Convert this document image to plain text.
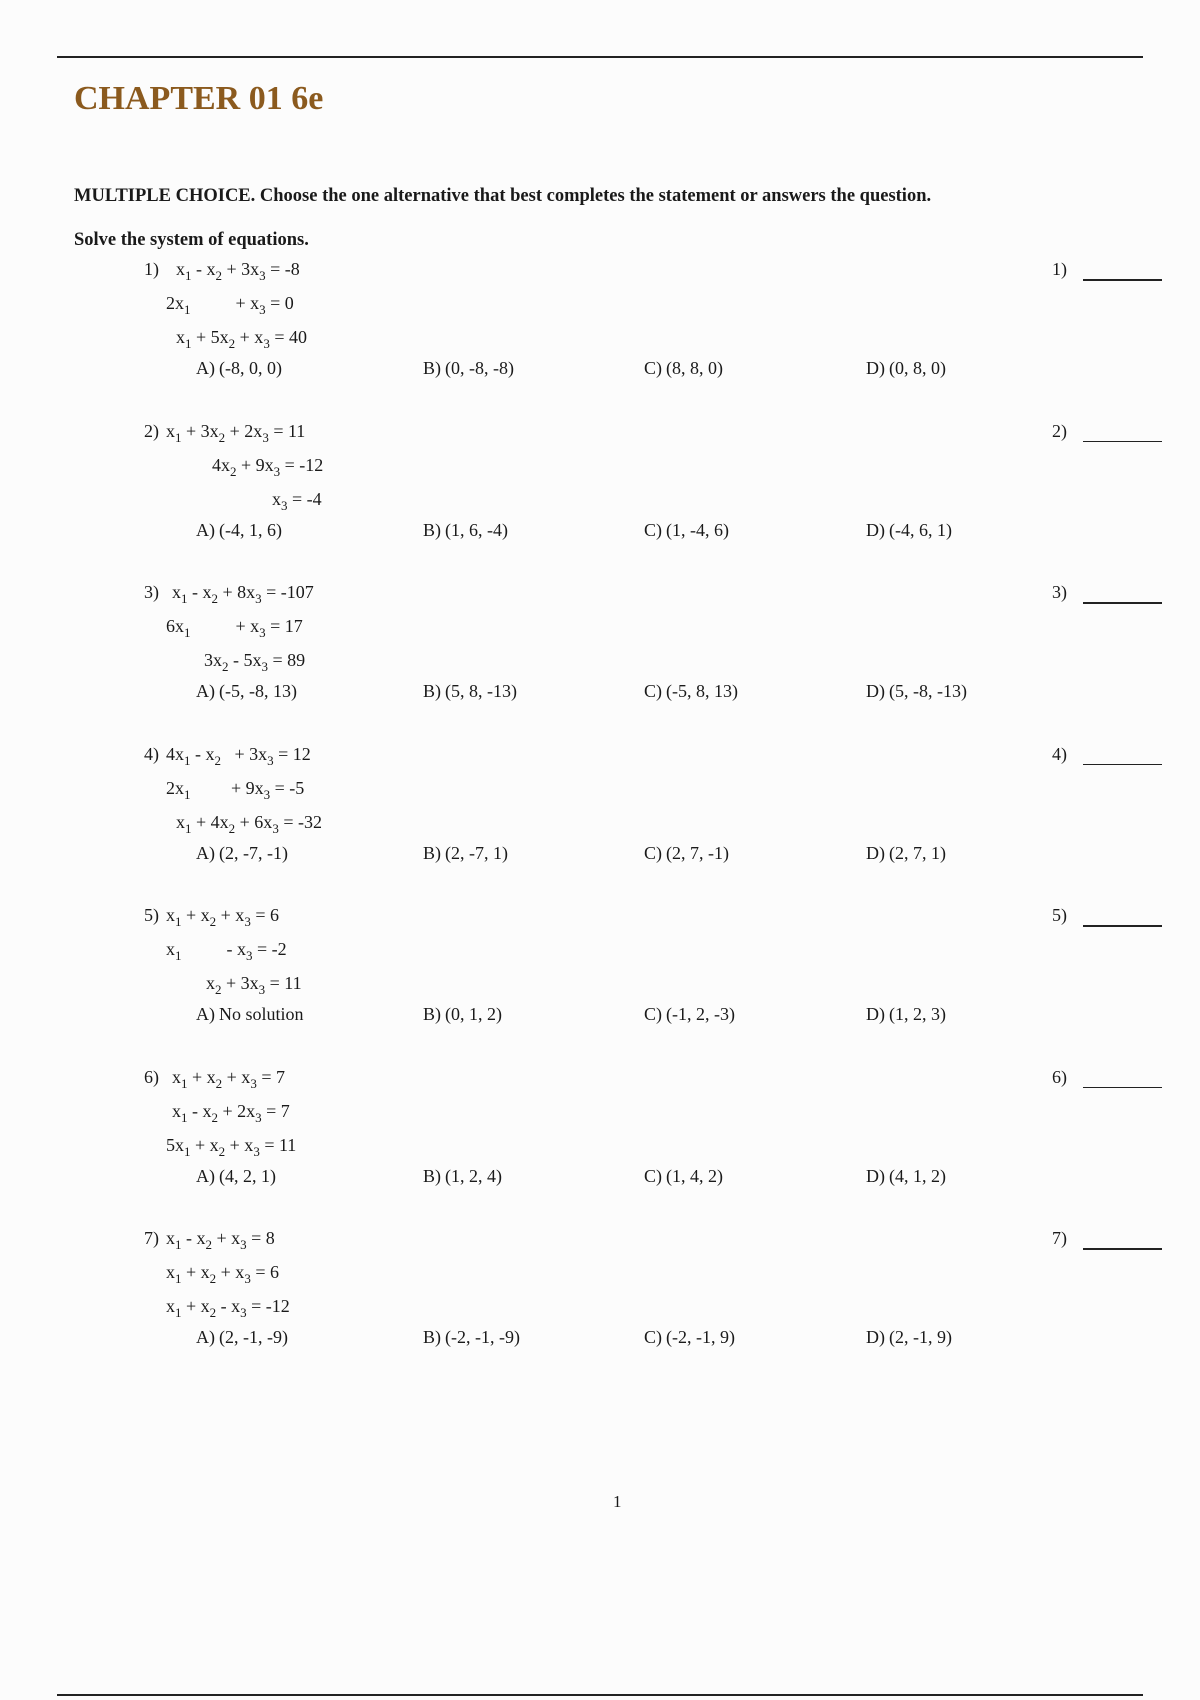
CHAPTER 01 6e
MULTIPLE CHOICE. Choose the one alternative that best completes the statement or answers the question.
Solve the system of equations.
1) $x_1 - x_2 + 3x_3 = -8$
$2x_1$          + $x_3 = 0$
$x_1 + 5x_2 + x_3 = 40$
A) (-8, 0, 0)	B) (0, -8, -8)	C) (8, 8, 0)	D) (0, 8, 0)
1)
2) $x_1 + 3x_2 + 2x_3 = 11$
$4x_2 + 9x_3 = -12$
$x_3 = -4$
A) (-4, 1, 6)	B) (1, 6, -4)	C) (1, -4, 6)	D) (-4, 6, 1)
2)
3) $x_1 - x_2 + 8x_3 = -107$
$6x_1$          + $x_3 = 17$
$3x_2 - 5x_3 = 89$
A) (-5, -8, 13)	B) (5, 8, -13)	C) (-5, 8, 13)	D) (5, -8, -13)
3)
4) $4x_1 - x_2 + 3x_3 = 12$
$2x_1$         + $9x_3 = -5$
$x_1 + 4x_2 + 6x_3 = -32$
A) (2, -7, -1)	B) (2, -7, 1)	C) (2, 7, -1)	D) (2, 7, 1)
4)
5) $x_1 + x_2 + x_3 = 6$
$x_1$          - $x_3 = -2$
$x_2 + 3x_3 = 11$
A) No solution	B) (0, 1, 2)	C) (-1, 2, -3)	D) (1, 2, 3)
5)
6) $x_1 + x_2 + x_3 = 7$
$x_1 - x_2 + 2x_3 = 7$
$5x_1 + x_2 + x_3 = 11$
A) (4, 2, 1)	B) (1, 2, 4)	C) (1, 4, 2)	D) (4, 1, 2)
6)
7) $x_1 - x_2 + x_3 = 8$
$x_1 + x_2 + x_3 = 6$
$x_1 + x_2 - x_3 = -12$
A) (2, -1, -9)	B) (-2, -1, -9)	C) (-2, -1, 9)	D) (2, -1, 9)
7)
1
